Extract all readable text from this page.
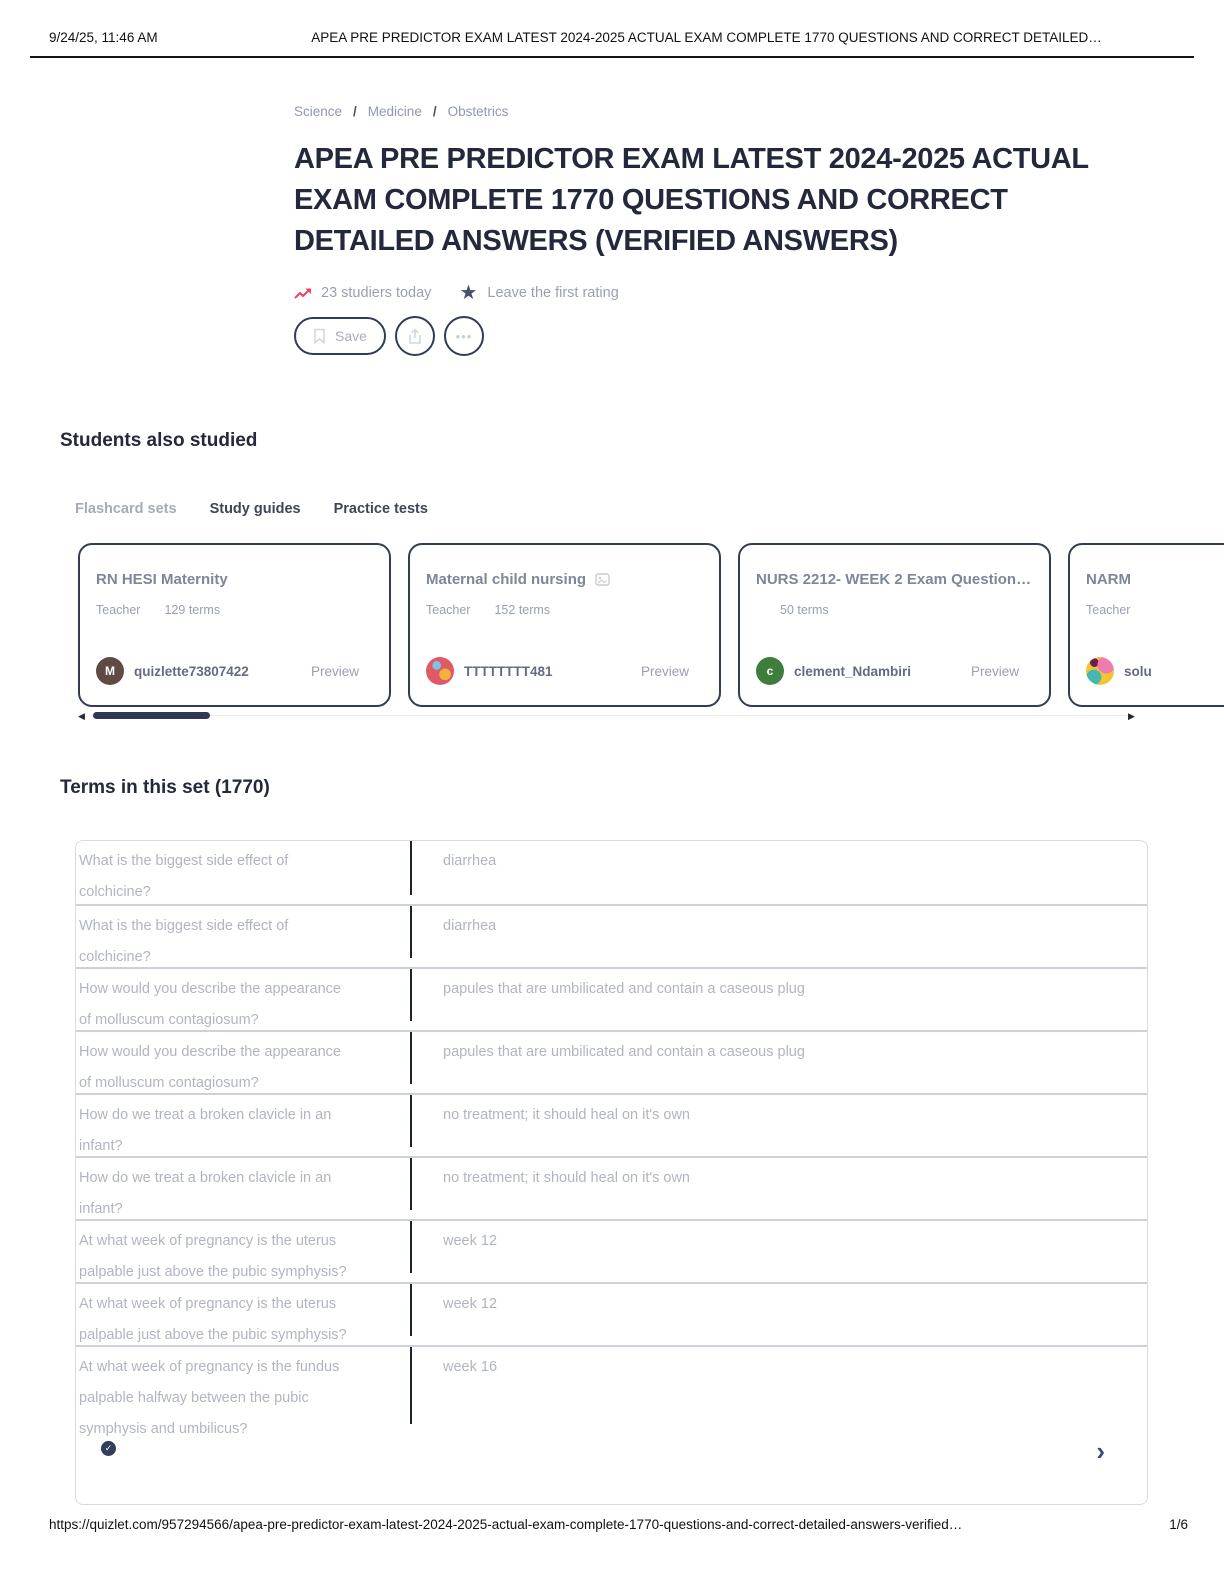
9/24/25, 11:46 AM	APEA PRE PREDICTOR EXAM LATEST 2024-2025 ACTUAL EXAM COMPLETE 1770 QUESTIONS AND CORRECT DETAILED…
Science / Medicine / Obstetrics
APEA PRE PREDICTOR EXAM LATEST 2024-2025 ACTUAL EXAM COMPLETE 1770 QUESTIONS AND CORRECT DETAILED ANSWERS (VERIFIED ANSWERS)
23 studiers today ★ Leave the first rating
Save	•••
Students also studied
Flashcard sets Study guides Practice tests
RN HESI Maternity
Teacher 129 terms
M	quizlette73807422	Preview
Maternal child nursing
Teacher 152 terms
TTTTTTTT481	Preview
NURS 2212- WEEK 2 Exam Question…
50 terms
c	clement_Ndambiri	Preview
NARM
Teacher
solu
◀	▶
Terms in this set (1770)
What is the biggest side effect of colchicine?
diarrhea
What is the biggest side effect of colchicine?
diarrhea
How would you describe the appearance of molluscum contagiosum?
papules that are umbilicated and contain a caseous plug
How would you describe the appearance of molluscum contagiosum?
papules that are umbilicated and contain a caseous plug
How do we treat a broken clavicle in an infant?
no treatment; it should heal on it's own
How do we treat a broken clavicle in an infant?
no treatment; it should heal on it's own
At what week of pregnancy is the uterus palpable just above the pubic symphysis?
week 12
At what week of pregnancy is the uterus palpable just above the pubic symphysis?
week 12
At what week of pregnancy is the fundus palpable halfway between the pubic symphysis and umbilicus?
week 16
✓	›
https://quizlet.com/957294566/apea-pre-predictor-exam-latest-2024-2025-actual-exam-complete-1770-questions-and-correct-detailed-answers-verified…	1/6
